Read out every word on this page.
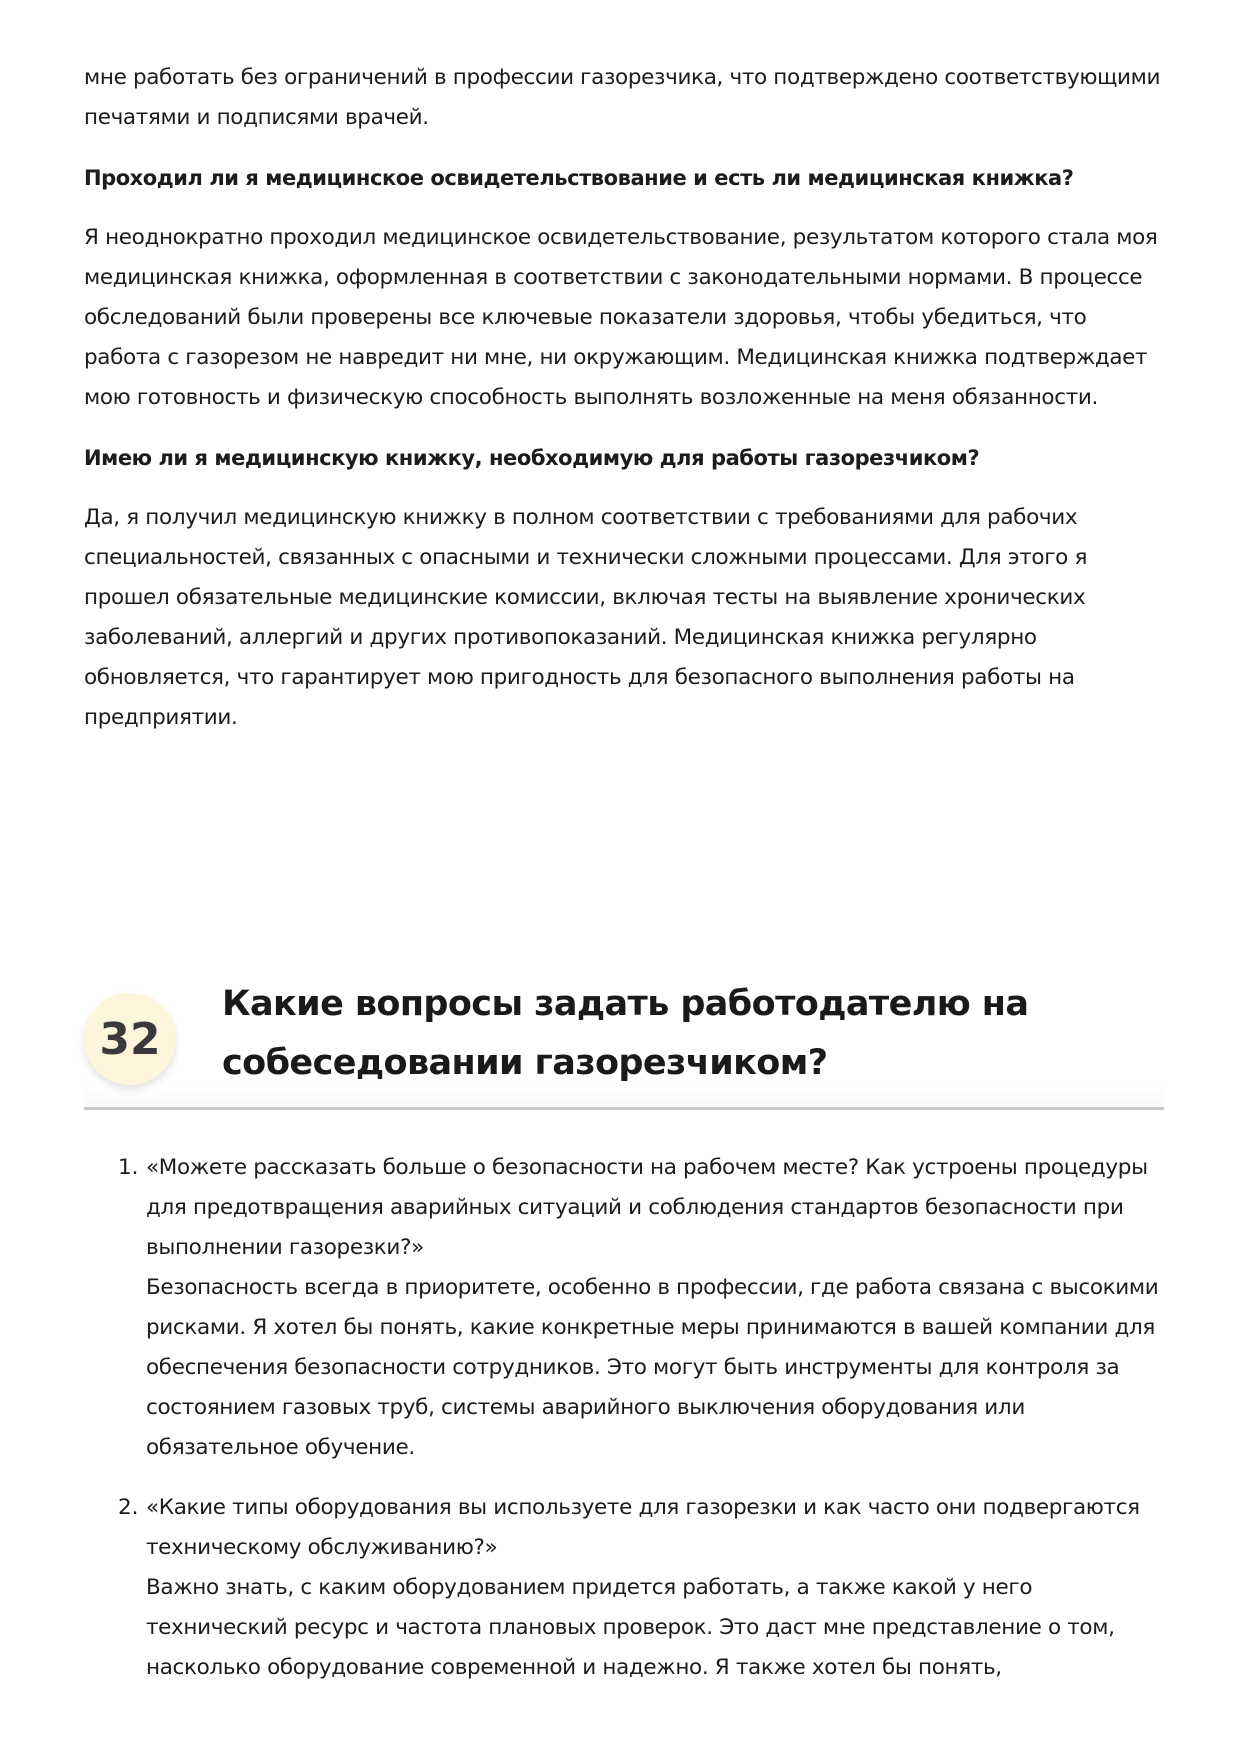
мне работать без ограничений в профессии газорезчика, что подтверждено соответствующими печатями и подписями врачей.

Проходил ли я медицинское освидетельствование и есть ли медицинская книжка?

Я неоднократно проходил медицинское освидетельствование, результатом которого стала моя медицинская книжка, оформленная в соответствии с законодательными нормами. В процессе обследований были проверены все ключевые показатели здоровья, чтобы убедиться, что работа с газорезом не навредит ни мне, ни окружающим. Медицинская книжка подтверждает мою готовность и физическую способность выполнять возложенные на меня обязанности.

Имею ли я медицинскую книжку, необходимую для работы газорезчиком?

Да, я получил медицинскую книжку в полном соответствии с требованиями для рабочих специальностей, связанных с опасными и технически сложными процессами. Для этого я прошел обязательные медицинские комиссии, включая тесты на выявление хронических заболеваний, аллергий и других противопоказаний. Медицинская книжка регулярно обновляется, что гарантирует мою пригодность для безопасного выполнения работы на предприятии.

32
Какие вопросы задать работодателю на собеседовании газорезчиком?
1. «Можете рассказать больше о безопасности на рабочем месте? Как устроены процедуры для предотвращения аварийных ситуаций и соблюдения стандартов безопасности при выполнении газорезки?»

Безопасность всегда в приоритете, особенно в профессии, где работа связана с высокими рисками. Я хотел бы понять, какие конкретные меры принимаются в вашей компании для обеспечения безопасности сотрудников. Это могут быть инструменты для контроля за состоянием газовых труб, системы аварийного выключения оборудования или обязательное обучение.

2. «Какие типы оборудования вы используете для газорезки и как часто они подвергаются техническому обслуживанию?»

Важно знать, с каким оборудованием придется работать, а также какой у него технический ресурс и частота плановых проверок. Это даст мне представление о том, насколько оборудование современной и надежно. Я также хотел бы понять,
